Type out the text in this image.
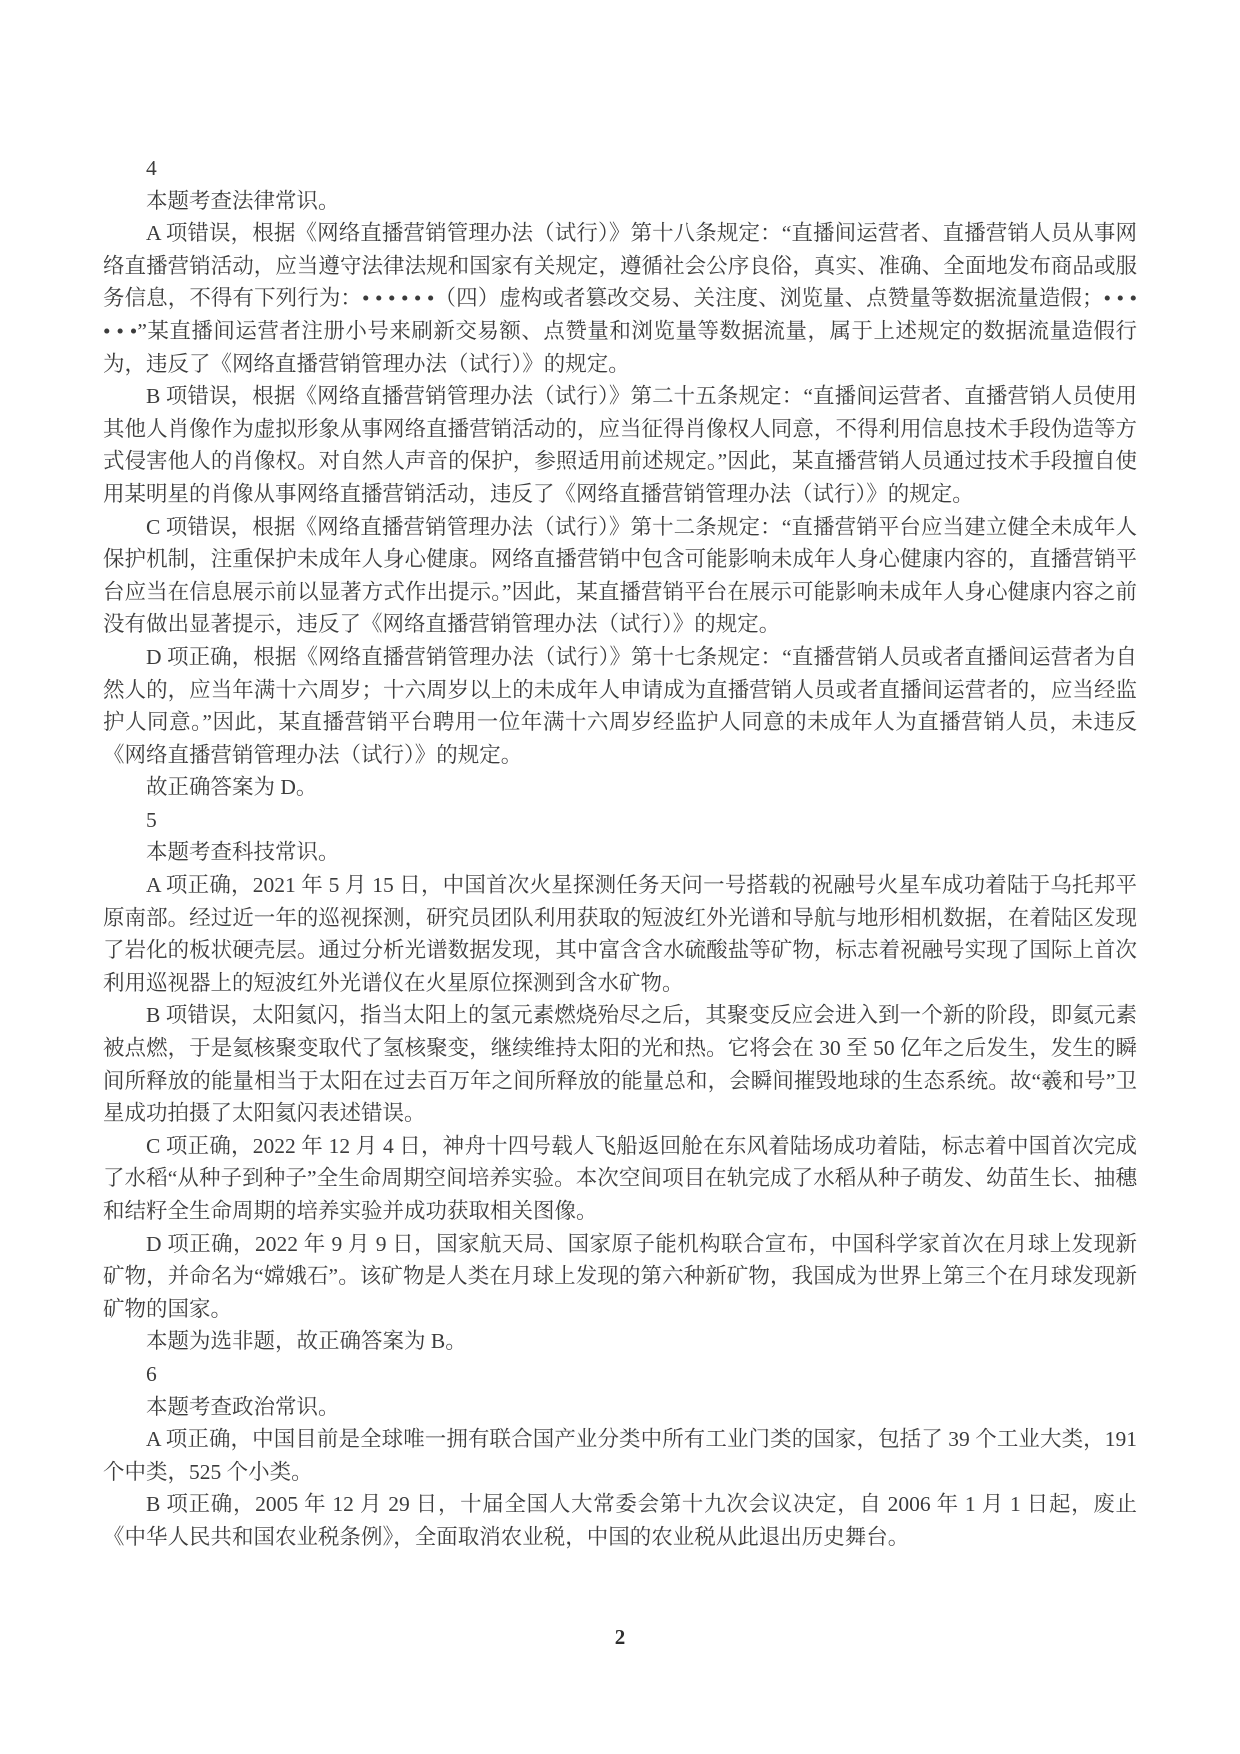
4

本题考查法律常识。

A 项错误，根据《网络直播营销管理办法（试行）》第十八条规定：“直播间运营者、直播营销人员从事网络直播营销活动，应当遵守法律法规和国家有关规定，遵循社会公序良俗，真实、准确、全面地发布商品或服务信息，不得有下列行为：• • • • • •（四）虚构或者篡改交易、关注度、浏览量、点赞量等数据流量造假；• • • • • •”某直播间运营者注册小号来刷新交易额、点赞量和浏览量等数据流量，属于上述规定的数据流量造假行为，违反了《网络直播营销管理办法（试行）》的规定。

B 项错误，根据《网络直播营销管理办法（试行）》第二十五条规定：“直播间运营者、直播营销人员使用其他人肖像作为虚拟形象从事网络直播营销活动的，应当征得肖像权人同意，不得利用信息技术手段伪造等方式侵害他人的肖像权。对自然人声音的保护，参照适用前述规定。”因此，某直播营销人员通过技术手段擅自使用某明星的肖像从事网络直播营销活动，违反了《网络直播营销管理办法（试行）》的规定。

C 项错误，根据《网络直播营销管理办法（试行）》第十二条规定：“直播营销平台应当建立健全未成年人保护机制，注重保护未成年人身心健康。网络直播营销中包含可能影响未成年人身心健康内容的，直播营销平台应当在信息展示前以显著方式作出提示。”因此，某直播营销平台在展示可能影响未成年人身心健康内容之前没有做出显著提示，违反了《网络直播营销管理办法（试行）》的规定。

D 项正确，根据《网络直播营销管理办法（试行）》第十七条规定：“直播营销人员或者直播间运营者为自然人的，应当年满十六周岁；十六周岁以上的未成年人申请成为直播营销人员或者直播间运营者的，应当经监护人同意。”因此，某直播营销平台聘用一位年满十六周岁经监护人同意的未成年人为直播营销人员，未违反《网络直播营销管理办法（试行）》的规定。

故正确答案为 D。

5

本题考查科技常识。

A 项正确，2021 年 5 月 15 日，中国首次火星探测任务天问一号搭载的祝融号火星车成功着陆于乌托邦平原南部。经过近一年的巡视探测，研究员团队利用获取的短波红外光谱和导航与地形相机数据，在着陆区发现了岩化的板状硬壳层。通过分析光谱数据发现，其中富含含水硫酸盐等矿物，标志着祝融号实现了国际上首次利用巡视器上的短波红外光谱仪在火星原位探测到含水矿物。

B 项错误，太阳氦闪，指当太阳上的氢元素燃烧殆尽之后，其聚变反应会进入到一个新的阶段，即氦元素被点燃，于是氦核聚变取代了氢核聚变，继续维持太阳的光和热。它将会在 30 至 50 亿年之后发生，发生的瞬间所释放的能量相当于太阳在过去百万年之间所释放的能量总和，会瞬间摧毁地球的生态系统。故“羲和号”卫星成功拍摄了太阳氦闪表述错误。

C 项正确，2022 年 12 月 4 日，神舟十四号载人飞船返回舱在东风着陆场成功着陆，标志着中国首次完成了水稻“从种子到种子”全生命周期空间培养实验。本次空间项目在轨完成了水稻从种子萌发、幼苗生长、抽穗和结籽全生命周期的培养实验并成功获取相关图像。

D 项正确，2022 年 9 月 9 日，国家航天局、国家原子能机构联合宣布，中国科学家首次在月球上发现新矿物，并命名为“嫦娥石”。该矿物是人类在月球上发现的第六种新矿物，我国成为世界上第三个在月球发现新矿物的国家。

本题为选非题，故正确答案为 B。

6

本题考查政治常识。

A 项正确，中国目前是全球唯一拥有联合国产业分类中所有工业门类的国家，包括了 39 个工业大类，191 个中类，525 个小类。

B 项正确，2005 年 12 月 29 日，十届全国人大常委会第十九次会议决定，自 2006 年 1 月 1 日起，废止《中华人民共和国农业税条例》，全面取消农业税，中国的农业税从此退出历史舞台。

2
